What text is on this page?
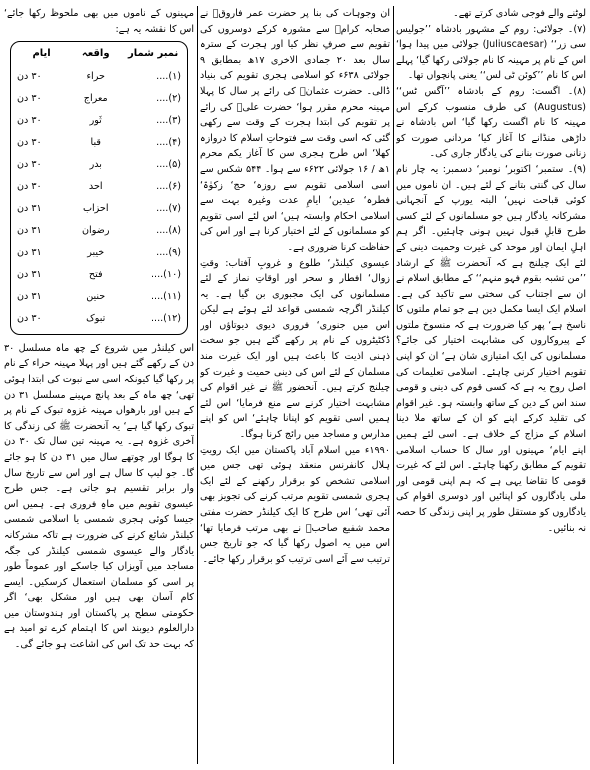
لوٹنے والے فوجی شادی کرتے تھے۔

(۷)۔ جولائی: روم کے مشہور بادشاہ ’’جولیس سی زر‘‘ (Juliuscaesar) جولائی میں پیدا ہوا‘ اس کے نام پر مہینہ کا نام جولائی رکھا گیا‘ پہلے اس کا نام ’’کوئن ٹی لس‘‘ یعنی پانچواں تھا۔

(۸)۔ اگست: روم کے بادشاہ ’’آگس ٹس‘‘ (Augustus) کی طرف منسوب کرکے اس مہینہ کا نام اگست رکھا گیا‘ اس بادشاہ نے داڑھی منڈانے کا آغاز کیا‘ مردانی صورت کو زنانی صورت بنانے کی یادگار جاری کی۔

(۹)۔ ستمبر‘ اکتوبر‘ نومبر‘ دسمبر: یہ چار نام سال کی گنتی بتانے کے لئے ہیں۔ ان ناموں میں کوئی قباحت نہیں‘ البتہ یورپ کے آنجہانی مشرکانہ یادگار ہیں جو مسلمانوں کے لئے کسی طرح قابلِ قبول نہیں ہونی چاہئیں۔ اگر ہم اہلِ ایمان اور موحد کی غیرت وحمیت دینی کے لئے ایک چیلنج ہے کہ آنحضرت ﷺ کے ارشاد ’’من تشبہ بقوم فہو منہم‘‘ کے مطابق اسلام نے ان سے اجتناب کی سختی سے تاکید کی ہے۔ اسلام ایک ایسا مکمل دین ہے جو تمام ملتوں کا ناسخ ہے‘ پھر کیا ضرورت ہے کہ منسوخ ملتوں کے پیروکاروں کی مشابہت اختیار کی جائے؟ مسلمانوں کی ایک امتیازی شان ہے‘ ان کو اپنی تقویم اختیار کرنی چاہئے۔ اسلامی تعلیمات کی اصل روح یہ ہے کہ کسی قوم کی دینی و قومی سند اس کے دین کے ساتھ وابستہ ہو۔ غیر اقوام کی تقلید کرکے اپنے کو ان کے ساتھ ملا دینا اسلام کے مزاج کے خلاف ہے۔ اسی لئے ہمیں اپنے ایام‘ مہینوں اور سال کا حساب اسلامی تقویم کے مطابق رکھنا چاہئے۔ اس لئے کہ غیرت قومی کا تقاضا یہی ہے کہ ہم اپنی قومی اور ملی یادگاروں کو اپنائیں اور دوسری اقوام کی یادگاروں کو مستقل طور پر اپنی زندگی کا حصہ نہ بنائیں۔

ان وجوہات کی بنا پر حضرت عمر فاروقؓ نے صحابہ کرامؓ سے مشورہ کرکے دوسروں کی تقویم سے صرفِ نظر کیا اور ہجرت کے سترہ سال بعد ۲۰ جمادی الاخری ۱۷ھ بمطابق ۹ جولائی ۶۳۸ء کو اسلامی ہجری تقویم کی بنیاد ڈالی۔ حضرت عثمانؓ کی رائے پر سال کا پہلا مہینہ محرم مقرر ہوا‘ حضرت علیؓ کی رائے پر تقویم کی ابتدا ہجرت کے وقت سے رکھی گئی کہ اسی وقت سے فتوحاتِ اسلام کا دروازہ کھلا‘ اس طرح ہجری سن کا آغاز یکم محرم ۱ھ / ۱۶ جولائی ۶۲۲ء سے ہوا۔ ۵۴۴ شکس سے اسی اسلامی تقویم سے روزہ‘ حج‘ زکوٰۃ‘ فطرہ‘ عیدین‘ ایامِ عدت وغیرہ بہت سے اسلامی احکام وابستہ ہیں‘ اس لئے اسی تقویم کو مسلمانوں کے لئے اختیار کرنا ہے اور اس کی حفاظت کرنا ضروری ہے۔

عیسوی کیلنڈر‘ طلوع و غروبِ آفتاب: وقتِ زوال‘ افطار و سحر اور اوقاتِ نماز کے لئے مسلمانوں کی ایک مجبوری بن گیا ہے۔ یہ کیلنڈر اگرچہ شمسی قواعد لئے ہوئے ہے لیکن اس میں جنوری‘ فروری دیوی دیوتاؤں اور ڈکٹیٹروں کے نام پر رکھے گئے ہیں جو سخت ذہنی اذیت کا باعث ہیں اور ایک غیرت مند مسلمان کے لئے اس کی دینی حمیت و غیرت کو چیلنج کرتے ہیں۔ آنحضور ﷺ نے غیر اقوام کی مشابہت اختیار کرنے سے منع فرمایا‘ اس لئے ہمیں اسی تقویم کو اپنانا چاہئے‘ اس کو اپنے مدارس و مساجد میں رائج کرنا ہوگا۔

۱۹۹۰ء میں اسلام آباد پاکستان میں ایک رویتِ ہلال کانفرنس منعقد ہوئی تھی جس میں اسلامی تشخص کو برقرار رکھنے کے لئے ایک ہجری شمسی تقویم مرتب کرنے کی تجویز بھی آئی تھی‘ اس طرح کا ایک کیلنڈر حضرت مفتی محمد شفیع صاحبؒ نے بھی مرتب فرمایا تھا‘ اس میں یہ اصول رکھا گیا کہ جو تاریخ جس ترتیب سے آئے اسی ترتیب کو برقرار رکھا جائے۔

مہینوں کے ناموں میں بھی ملحوظ رکھا جائے‘ اس کا نقشہ یہ ہے:

نمبر شمار	واقعہ	ایام
(۱)....	حراء	۳۰ دن
(۲)....	معراج	۳۰ دن
(۳)....	ثَور	۳۰ دن
(۴)....	قبا	۳۰ دن
(۵)....	بدر	۳۰ دن
(۶)....	احد	۳۰ دن
(۷)....	احزاب	۳۱ دن
(۸)....	رضوان	۳۱ دن
(۹)....	خیبر	۳۱ دن
(۱۰)....	فتح	۳۱ دن
(۱۱)....	حنین	۳۱ دن
(۱۲)....	تبوک	۳۰ دن

اس کیلنڈر میں شروع کے چھ ماہ مسلسل ۳۰ دن کے رکھے گئے ہیں اور پہلا مہینہ حراء کے نام پر رکھا گیا کیونکہ اسی سے نبوت کی ابتدا ہوئی تھی‘ چھ ماہ کے بعد پانچ مہینے مسلسل ۳۱ دن کے ہیں اور بارھواں مہینہ غزوہ تبوک کے نام پر تبوک رکھا گیا ہے‘ یہ آنحضرت ﷺ کی زندگی کا آخری غزوہ ہے۔ یہ مہینہ تین سال تک ۳۰ دن کا ہوگا اور چوتھے سال میں ۳۱ دن کا ہو جائے گا۔ جو لیپ کا سال ہے اور اس سے تاریخ سال وار برابر تقسیم ہو جاتی ہے۔ جس طرح عیسوی تقویم میں ماہِ فروری ہے۔ ہمیں اس جیسا کوئی ہجری شمسی یا اسلامی شمسی کیلنڈر شائع کرنے کی ضرورت ہے تاکہ مشرکانہ یادگار والے عیسوی شمسی کیلنڈر کی جگہ مساجد میں آویزاں کیا جاسکے اور عموماً طور پر اسی کو مسلمان استعمال کرسکیں۔ ایسے کام آسان بھی ہیں اور مشکل بھی‘ اگر حکومتی سطح پر پاکستان اور ہندوستان میں دارالعلوم دیوبند اس کا اہتمام کرے تو امید ہے کہ بہت حد تک اس کی اشاعت ہو جائے گی۔
